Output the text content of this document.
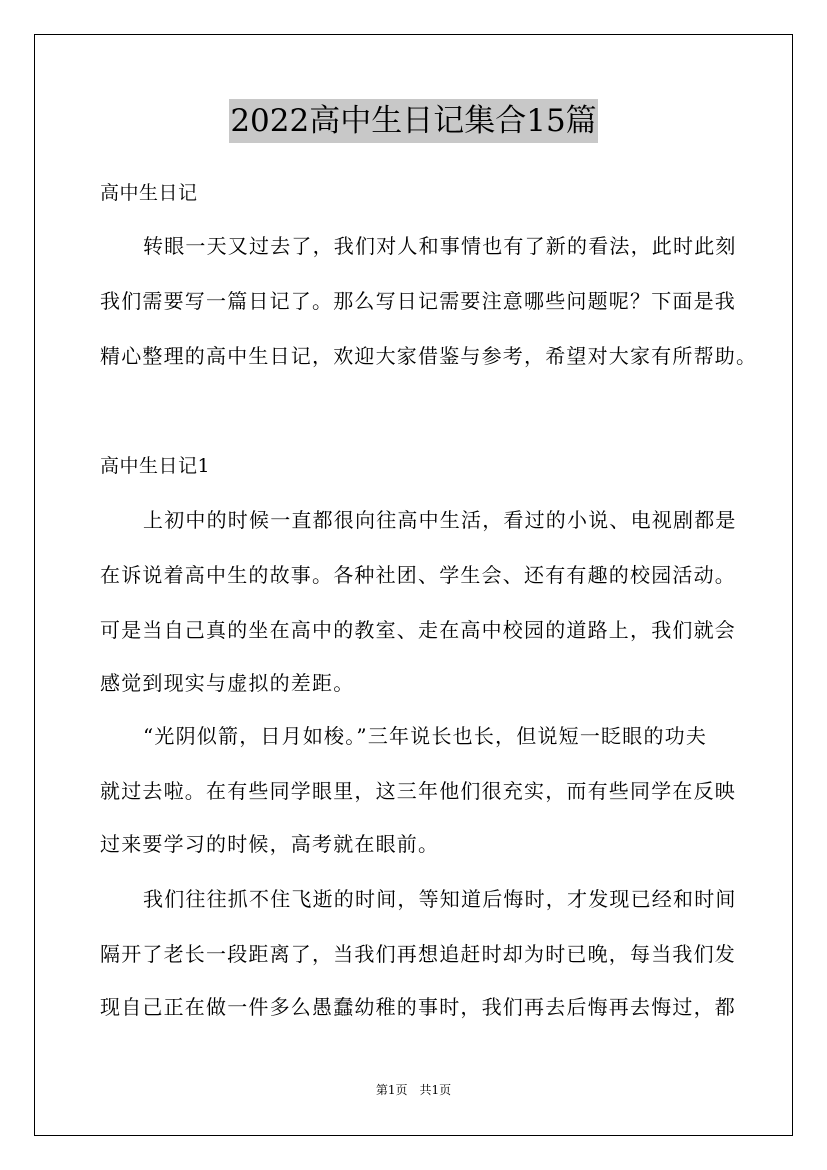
2022高中生日记集合15篇

高中生日记

转眼一天又过去了，我们对人和事情也有了新的看法，此时此刻

我们需要写一篇日记了。那么写日记需要注意哪些问题呢？下面是我

精心整理的高中生日记，欢迎大家借鉴与参考，希望对大家有所帮助。

高中生日记1

上初中的时候一直都很向往高中生活，看过的小说、电视剧都是

在诉说着高中生的故事。各种社团、学生会、还有有趣的校园活动。

可是当自己真的坐在高中的教室、走在高中校园的道路上，我们就会

感觉到现实与虚拟的差距。

“光阴似箭，日月如梭。”三年说长也长，但说短一眨眼的功夫

就过去啦。在有些同学眼里，这三年他们很充实，而有些同学在反映

过来要学习的时候，高考就在眼前。

我们往往抓不住飞逝的时间，等知道后悔时，才发现已经和时间

隔开了老长一段距离了，当我们再想追赶时却为时已晚，每当我们发

现自己正在做一件多么愚蠢幼稚的事时，我们再去后悔再去悔过，都

第1页　共1页
